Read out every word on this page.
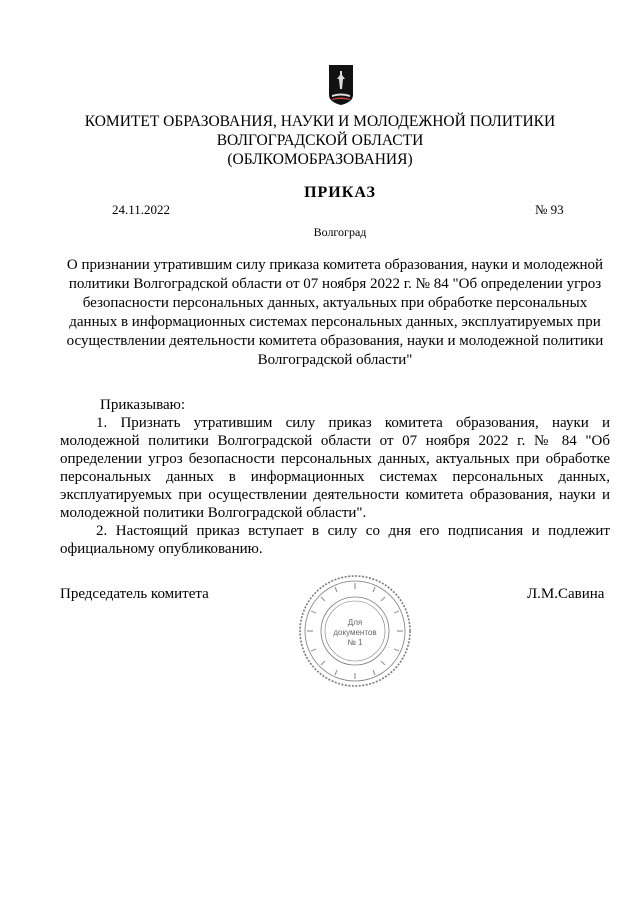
КОМИТЕТ ОБРАЗОВАНИЯ, НАУКИ И МОЛОДЕЖНОЙ ПОЛИТИКИ
ВОЛГОГРАДСКОЙ ОБЛАСТИ
(ОБЛКОМОБРАЗОВАНИЯ)
ПРИКАЗ
24.11.2022	№ 93
Волгоград
О признании утратившим силу приказа комитета образования, науки и молодежной политики Волгоградской области от 07 ноября 2022 г. № 84 "Об определении угроз безопасности персональных данных, актуальных при обработке персональных данных в информационных системах персональных данных, эксплуатируемых при осуществлении деятельности комитета образования, науки и молодежной политики Волгоградской области"

Приказываю:

1. Признать утратившим силу приказ комитета образования, науки и молодежной политики Волгоградской области от 07 ноября 2022 г. № 84 "Об определении угроз безопасности персональных данных, актуальных при обработке персональных данных в информационных системах персональных данных, эксплуатируемых при осуществлении деятельности комитета образования, науки и молодежной политики Волгоградской области".

2. Настоящий приказ вступает в силу со дня его подписания и подлежит официальному опубликованию.

Председатель комитета	Л.М.Савина
Для
документов
№ 1
